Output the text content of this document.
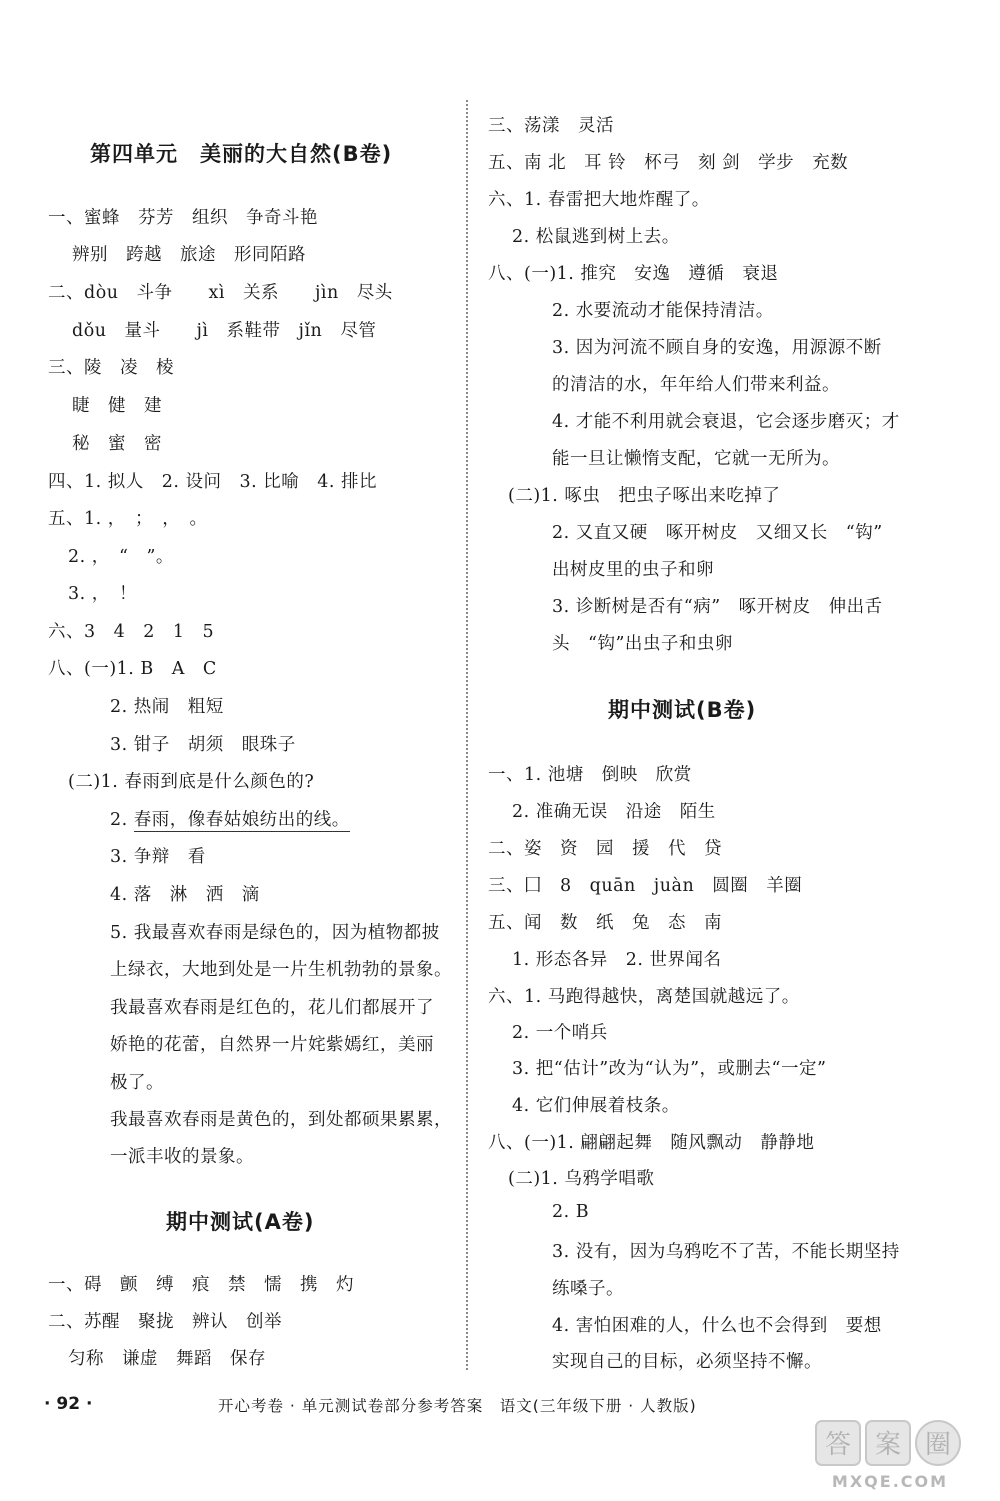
第四单元　美丽的大自然(B卷)
一、蜜蜂　芬芳　组织　争奇斗艳
辨别　跨越　旅途　形同陌路
二、dòu　斗争　　xì　关系　　jìn　尽头
dǒu　量斗　　jì　系鞋带　jǐn　尽管
三、陵　凌　棱
睫　健　建
秘　蜜　密
四、1. 拟人　2. 设问　3. 比喻　4. 排比
五、1. ，　；　，　。
2. ，　“　”。
3. ，　！
六、3　4　2　1　5
八、(一)1. B　A　C
2. 热闹　粗短
3. 钳子　胡须　眼珠子
(二)1. 春雨到底是什么颜色的?
2. 春雨，像春姑娘纺出的线。
3. 争辩　看
4. 落　淋　洒　滴
5. 我最喜欢春雨是绿色的，因为植物都披
上绿衣，大地到处是一片生机勃勃的景象。
我最喜欢春雨是红色的，花儿们都展开了
娇艳的花蕾，自然界一片姹紫嫣红，美丽
极了。
我最喜欢春雨是黄色的，到处都硕果累累，
一派丰收的景象。
期中测试(A卷)
一、碍　颤　缚　痕　禁　懦　携　灼
二、苏醒　聚拢　辨认　创举
匀称　谦虚　舞蹈　保存
三、荡漾　灵活
五、南 北　耳 铃　杯弓　刻 剑　学步　充数
六、1. 春雷把大地炸醒了。
2. 松鼠逃到树上去。
八、(一)1. 推究　安逸　遵循　衰退
2. 水要流动才能保持清洁。
3. 因为河流不顾自身的安逸，用源源不断
的清洁的水，年年给人们带来利益。
4. 才能不利用就会衰退，它会逐步磨灭；才
能一旦让懒惰支配，它就一无所为。
(二)1. 啄虫　把虫子啄出来吃掉了
2. 又直又硬　啄开树皮　又细又长　“钩”
出树皮里的虫子和卵
3. 诊断树是否有“病”　啄开树皮　伸出舌
头　“钩”出虫子和虫卵
期中测试(B卷)
一、1. 池塘　倒映　欣赏
2. 准确无误　沿途　陌生
二、姿　资　园　援　代　贷
三、囗　8　quān　juàn　圆圈　羊圈
五、闻　数　纸　兔　态　南
1. 形态各异　2. 世界闻名
六、1. 马跑得越快，离楚国就越远了。
2. 一个哨兵
3. 把“估计”改为“认为”，或删去“一定”
4. 它们伸展着枝条。
八、(一)1. 翩翩起舞　随风飘动　静静地
(二)1. 乌鸦学唱歌
2. B
3. 没有，因为乌鸦吃不了苦，不能长期坚持
练嗓子。
4. 害怕困难的人，什么也不会得到　要想
实现自己的目标，必须坚持不懈。
· 92 ·	开心考卷 · 单元测试卷部分参考答案　语文(三年级下册 · 人教版)
答 案 圈
MXQE.COM
